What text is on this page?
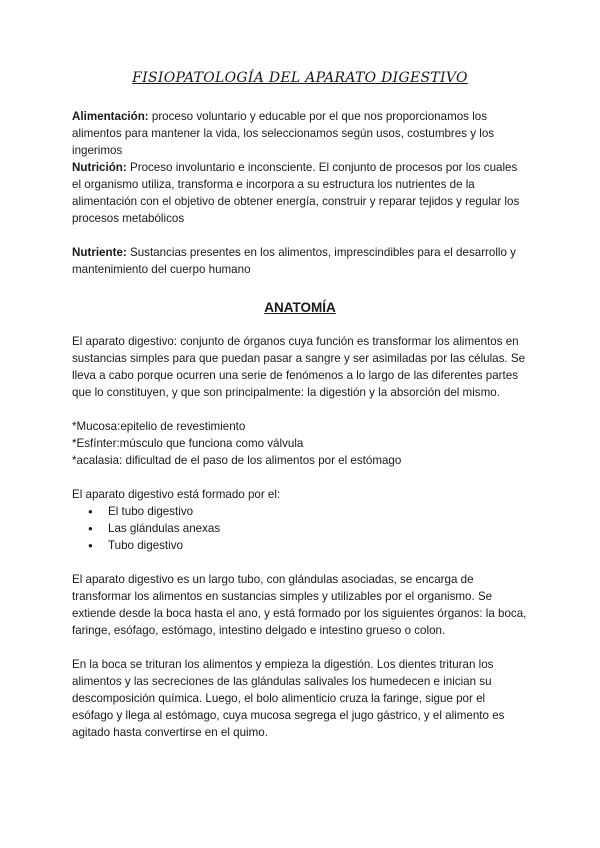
FISIOPATOLOGÍA DEL APARATO DIGESTIVO

Alimentación: proceso voluntario y educable por el que nos proporcionamos los alimentos para mantener la vida, los seleccionamos según usos, costumbres y los ingerimos

Nutrición: Proceso involuntario e inconsciente. El conjunto de procesos por los cuales el organismo utiliza, transforma e incorpora a su estructura los nutrientes de la alimentación con el objetivo de obtener energía, construir y reparar tejidos y regular los procesos metabólicos

Nutriente: Sustancias presentes en los alimentos, imprescindibles para el desarrollo y mantenimiento del cuerpo humano

ANATOMÍA

El aparato digestivo: conjunto de órganos cuya función es transformar los alimentos en sustancias simples para que puedan pasar a sangre y ser asimiladas por las células. Se lleva a cabo porque ocurren una serie de fenómenos a lo largo de las diferentes partes que lo constituyen, y que son principalmente: la digestión y la absorción del mismo.

*Mucosa:epitelio de revestimiento

*Esfínter:músculo que funciona como válvula

*acalasia: dificultad de el paso de los alimentos por el estómago

El aparato digestivo está formado por el:

● El tubo digestivo
● Las glándulas anexas
● Tubo digestivo

El aparato digestivo es un largo tubo, con glándulas asociadas, se encarga de transformar los alimentos en sustancias simples y utilizables por el organismo. Se extiende desde la boca hasta el ano, y está formado por los siguientes órganos: la boca, faringe, esófago, estómago, intestino delgado e intestino grueso o colon.

En la boca se trituran los alimentos y empieza la digestión. Los dientes trituran los alimentos y las secreciones de las glándulas salivales los humedecen e inician su descomposición química. Luego, el bolo alimenticio cruza la faringe, sigue por el esófago y llega al estómago, cuya mucosa segrega el jugo gástrico, y el alimento es agitado hasta convertirse en el quimo.
